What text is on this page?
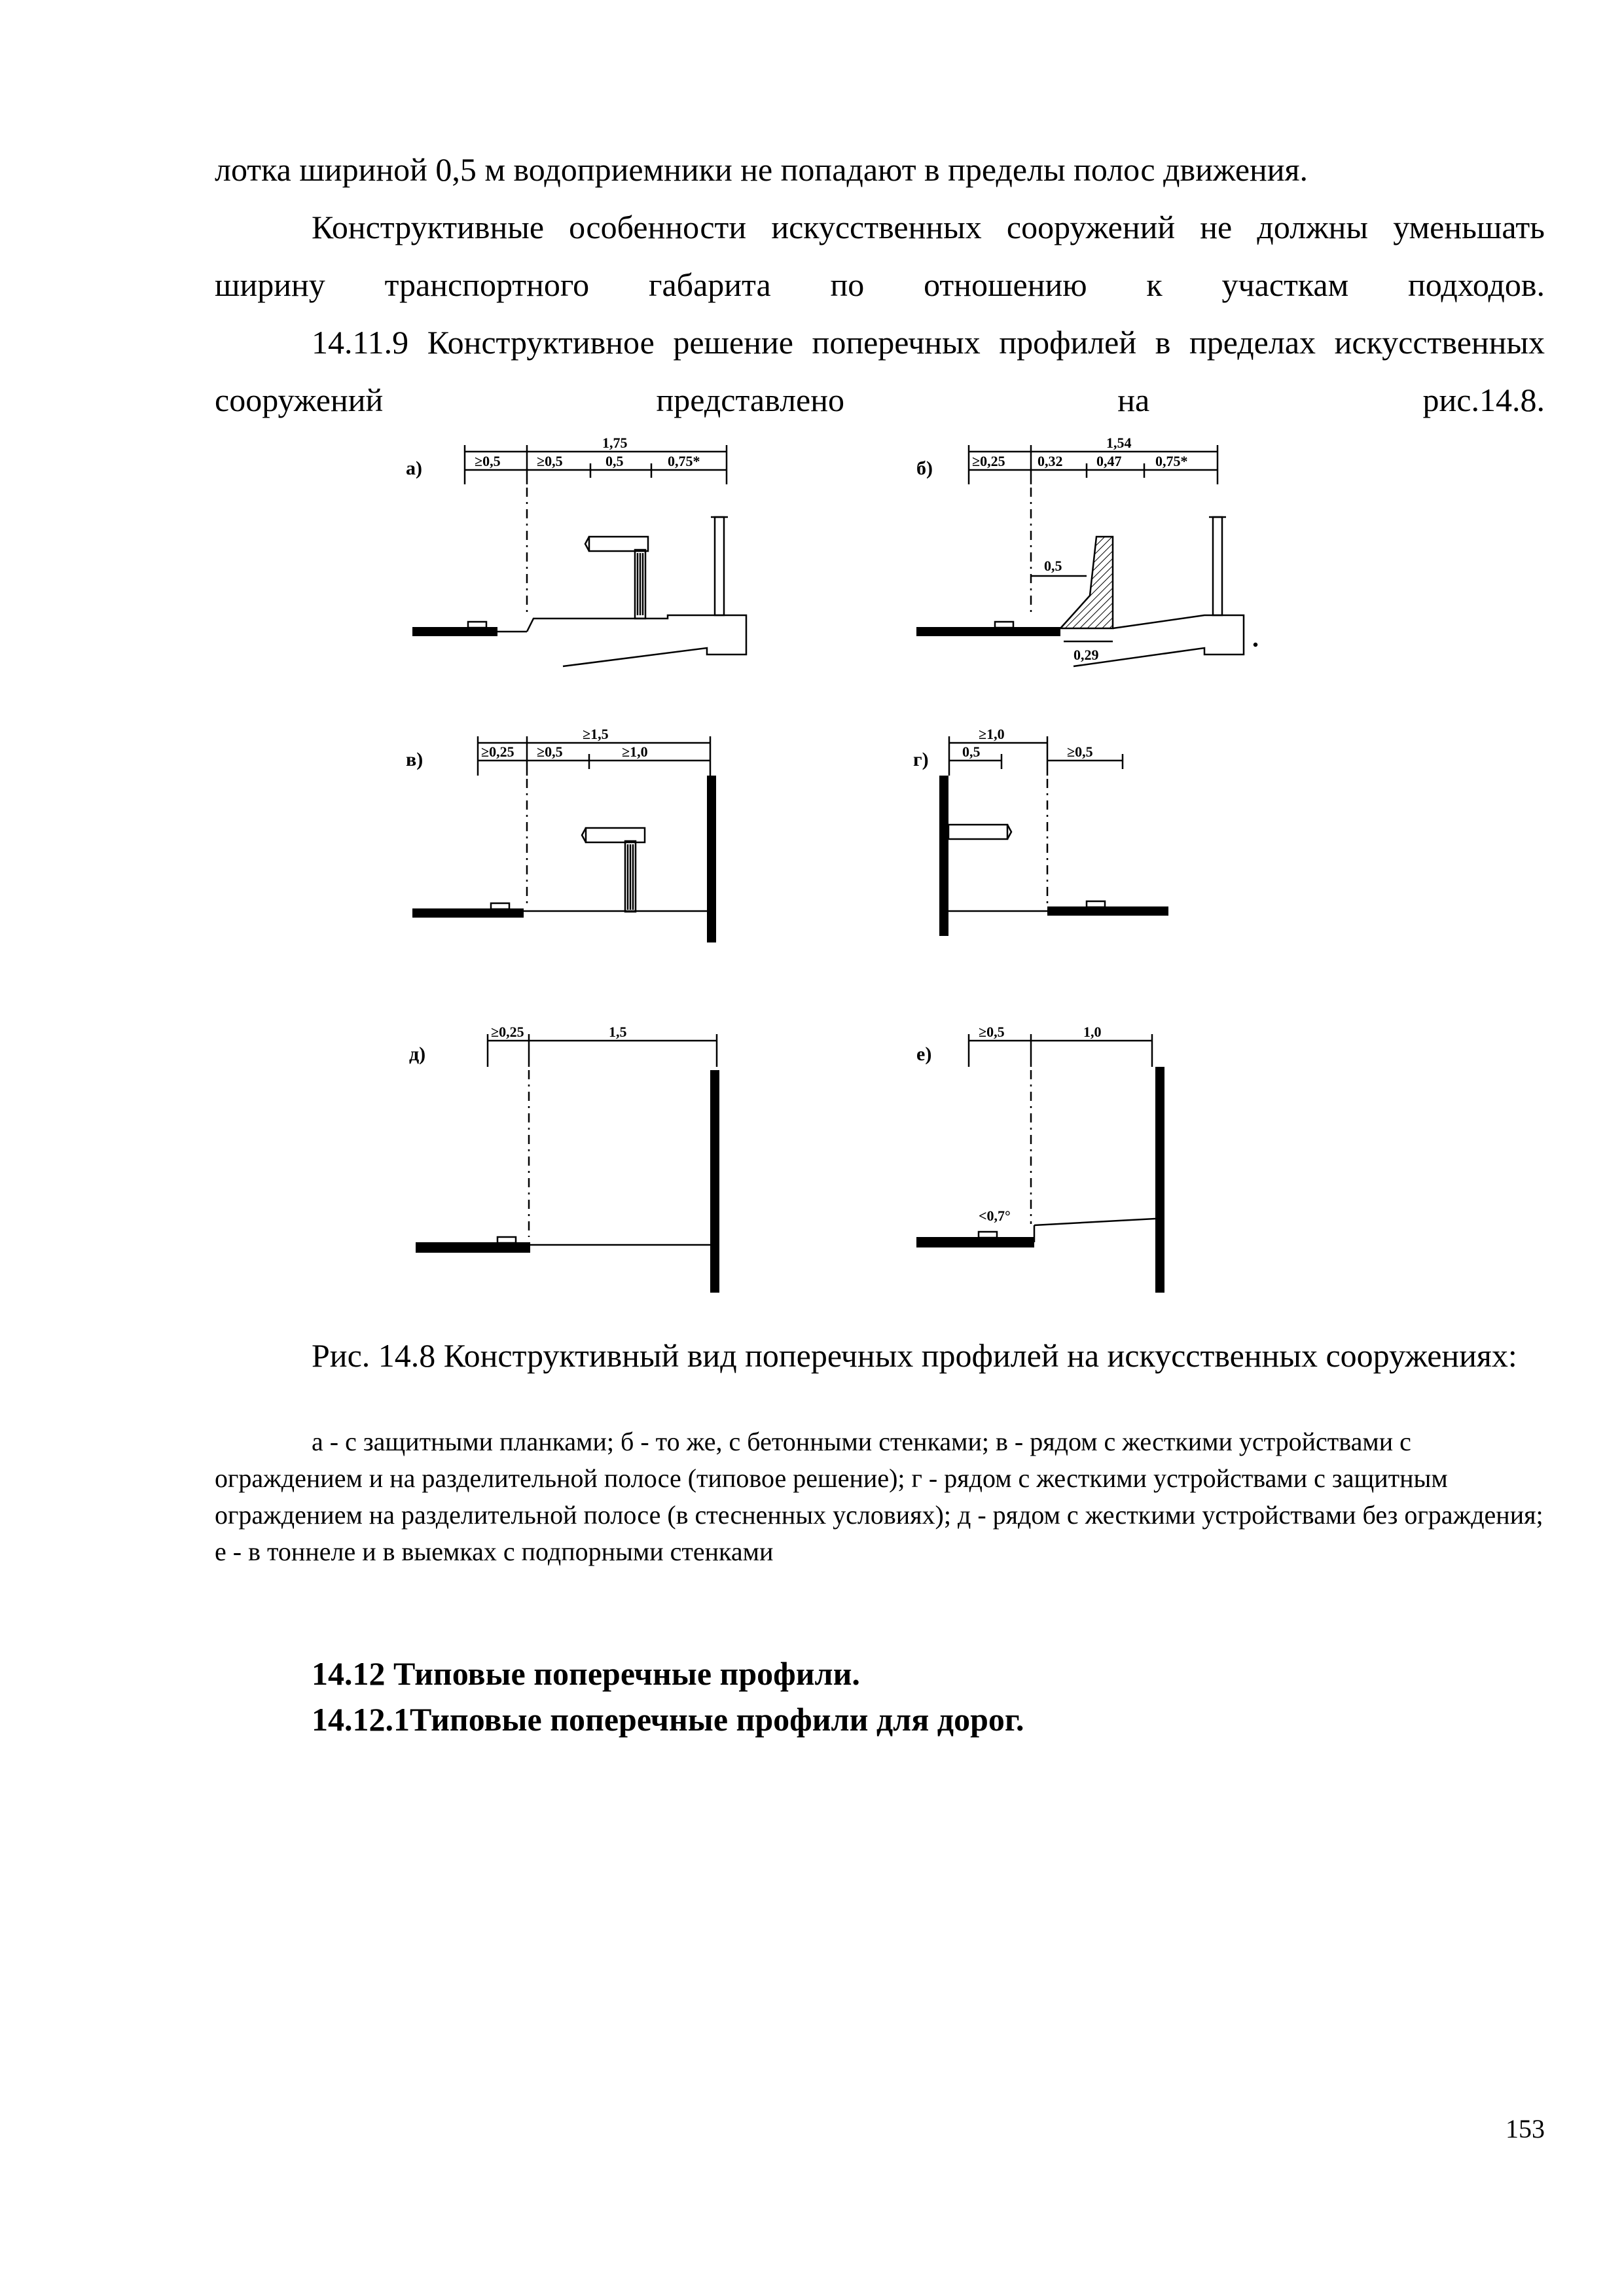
лотка шириной 0,5 м водоприемники не попадают в пределы полос движения.

Конструктивные особенности искусственных сооружений не должны уменьшать ширину транспортного габарита по отношению к участкам подходов.

14.11.9 Конструктивное решение поперечных профилей в пределах искусственных сооружений представлено на рис.14.8.

а)
1,75
≥0,5	≥0,5	0,5	0,75*	б)
1,54
≥0,25 0,32 0,47 0,75*
0,5
0,29
в)
≥1,5
≥0,25 ≥0,5	≥1,0	г)
≥1,0
0,5	≥0,5
д)
≥0,25	1,5
е)
≥0,5	1,0
<0,7°

Рис. 14.8 Конструктивный вид поперечных профилей на искусственных сооружениях:

а - с защитными планками; б - то же, с бетонными стенками; в - рядом с жесткими устройствами с ограждением и на разделительной полосе (типовое решение); г - рядом с жесткими устройствами с защитным ограждением на разделительной полосе (в стесненных условиях); д - рядом с жесткими устройствами без ограждения; е - в тоннеле и в выемках с подпорными стенками

14.12 Типовые поперечные профили.
14.12.1Типовые поперечные профили для дорог.

153
